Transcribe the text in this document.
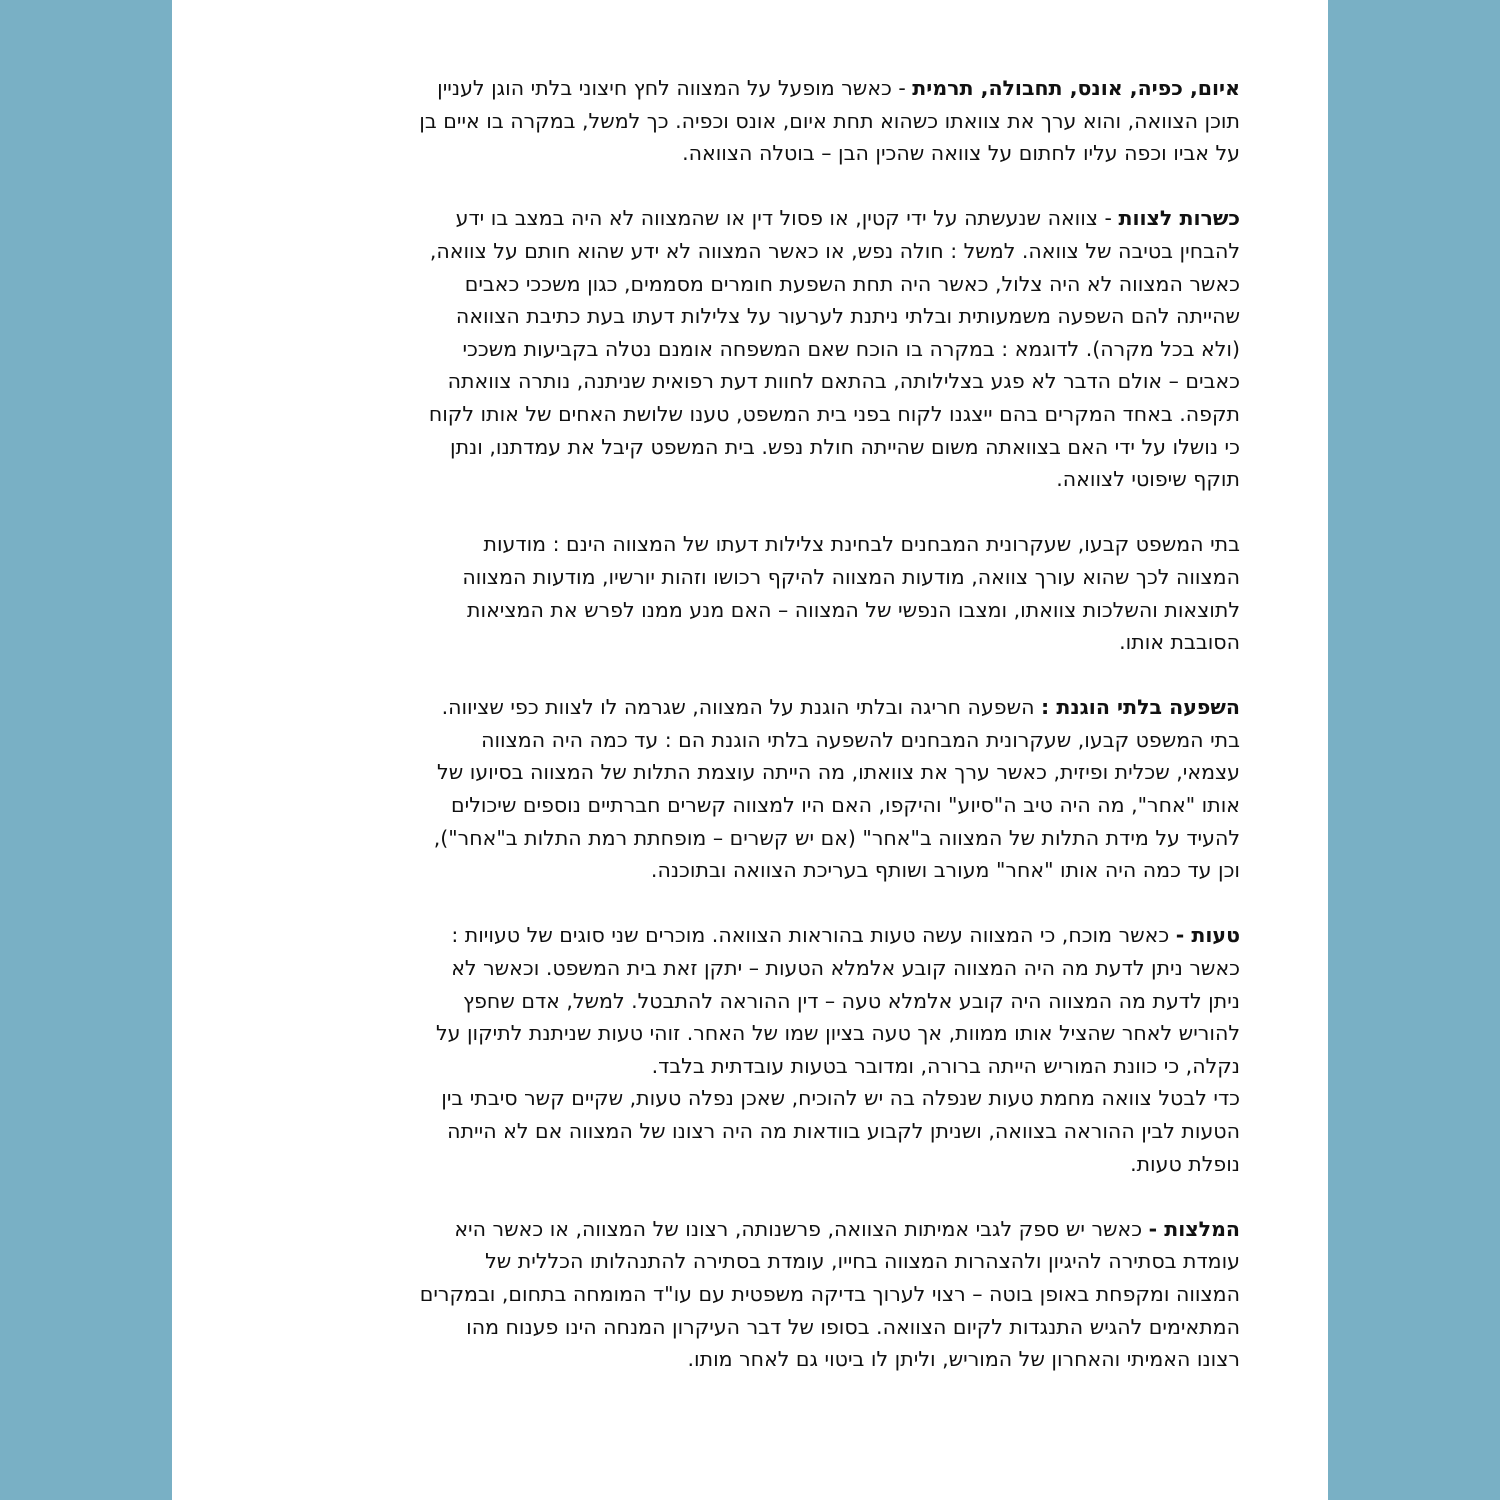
איום, כפיה, אונס, תחבולה, תרמית - כאשר מופעל על המצווה לחץ חיצוני בלתי הוגן לעניין
תוכן הצוואה, והוא ערך את צוואתו כשהוא תחת איום, אונס וכפיה. כך למשל, במקרה בו איים בן
על אביו וכפה עליו לחתום על צוואה שהכין הבן – בוטלה הצוואה.

כשרות לצוות - צוואה שנעשתה על ידי קטין, או פסול דין או שהמצווה לא היה במצב בו ידע
להבחין בטיבה של צוואה. למשל : חולה נפש, או כאשר המצווה לא ידע שהוא חותם על צוואה,
כאשר המצווה לא היה צלול, כאשר היה תחת השפעת חומרים מסממים, כגון משככי כאבים
שהייתה להם השפעה משמעותית ובלתי ניתנת לערעור על צלילות דעתו בעת כתיבת הצוואה
(ולא בכל מקרה). לדוגמא : במקרה בו הוכח שאם המשפחה אומנם נטלה בקביעות משככי
כאבים – אולם הדבר לא פגע בצלילותה, בהתאם לחוות דעת רפואית שניתנה, נותרה צוואתה
תקפה. באחד המקרים בהם ייצגנו לקוח בפני בית המשפט, טענו שלושת האחים של אותו לקוח
כי נושלו על ידי האם בצוואתה משום שהייתה חולת נפש. בית המשפט קיבל את עמדתנו, ונתן
תוקף שיפוטי לצוואה.

בתי המשפט קבעו, שעקרונית המבחנים לבחינת צלילות דעתו של המצווה הינם : מודעות
המצווה לכך שהוא עורך צוואה, מודעות המצווה להיקף רכושו וזהות יורשיו, מודעות המצווה
לתוצאות והשלכות צוואתו, ומצבו הנפשי של המצווה – האם מנע ממנו לפרש את המציאות
הסובבת אותו.

השפעה בלתי הוגנת : השפעה חריגה ובלתי הוגנת על המצווה, שגרמה לו לצוות כפי שציווה.
בתי המשפט קבעו, שעקרונית המבחנים להשפעה בלתי הוגנת הם : עד כמה היה המצווה
עצמאי, שכלית ופיזית, כאשר ערך את צוואתו, מה הייתה עוצמת התלות של המצווה בסיועו של
אותו "אחר", מה היה טיב ה"סיוע" והיקפו, האם היו למצווה קשרים חברתיים נוספים שיכולים
להעיד על מידת התלות של המצווה ב"אחר" (אם יש קשרים – מופחתת רמת התלות ב"אחר"),
וכן עד כמה היה אותו "אחר" מעורב ושותף בעריכת הצוואה ובתוכנה.

טעות - כאשר מוכח, כי המצווה עשה טעות בהוראות הצוואה. מוכרים שני סוגים של טעויות :
כאשר ניתן לדעת מה היה המצווה קובע אלמלא הטעות – יתקן זאת בית המשפט. וכאשר לא
ניתן לדעת מה המצווה היה קובע אלמלא טעה – דין ההוראה להתבטל. למשל, אדם שחפץ
להוריש לאחר שהציל אותו ממוות, אך טעה בציון שמו של האחר. זוהי טעות שניתנת לתיקון על
נקלה, כי כוונת המוריש הייתה ברורה, ומדובר בטעות עובדתית בלבד.
כדי לבטל צוואה מחמת טעות שנפלה בה יש להוכיח, שאכן נפלה טעות, שקיים קשר סיבתי בין
הטעות לבין ההוראה בצוואה, ושניתן לקבוע בוודאות מה היה רצונו של המצווה אם לא הייתה
נופלת טעות.

המלצות - כאשר יש ספק לגבי אמיתות הצוואה, פרשנותה, רצונו של המצווה, או כאשר היא
עומדת בסתירה להיגיון ולהצהרות המצווה בחייו, עומדת בסתירה להתנהלותו הכללית של
המצווה ומקפחת באופן בוטה – רצוי לערוך בדיקה משפטית עם עו"ד המומחה בתחום, ובמקרים
המתאימים להגיש התנגדות לקיום הצוואה. בסופו של דבר העיקרון המנחה הינו פענוח מהו
רצונו האמיתי והאחרון של המוריש, וליתן לו ביטוי גם לאחר מותו.
